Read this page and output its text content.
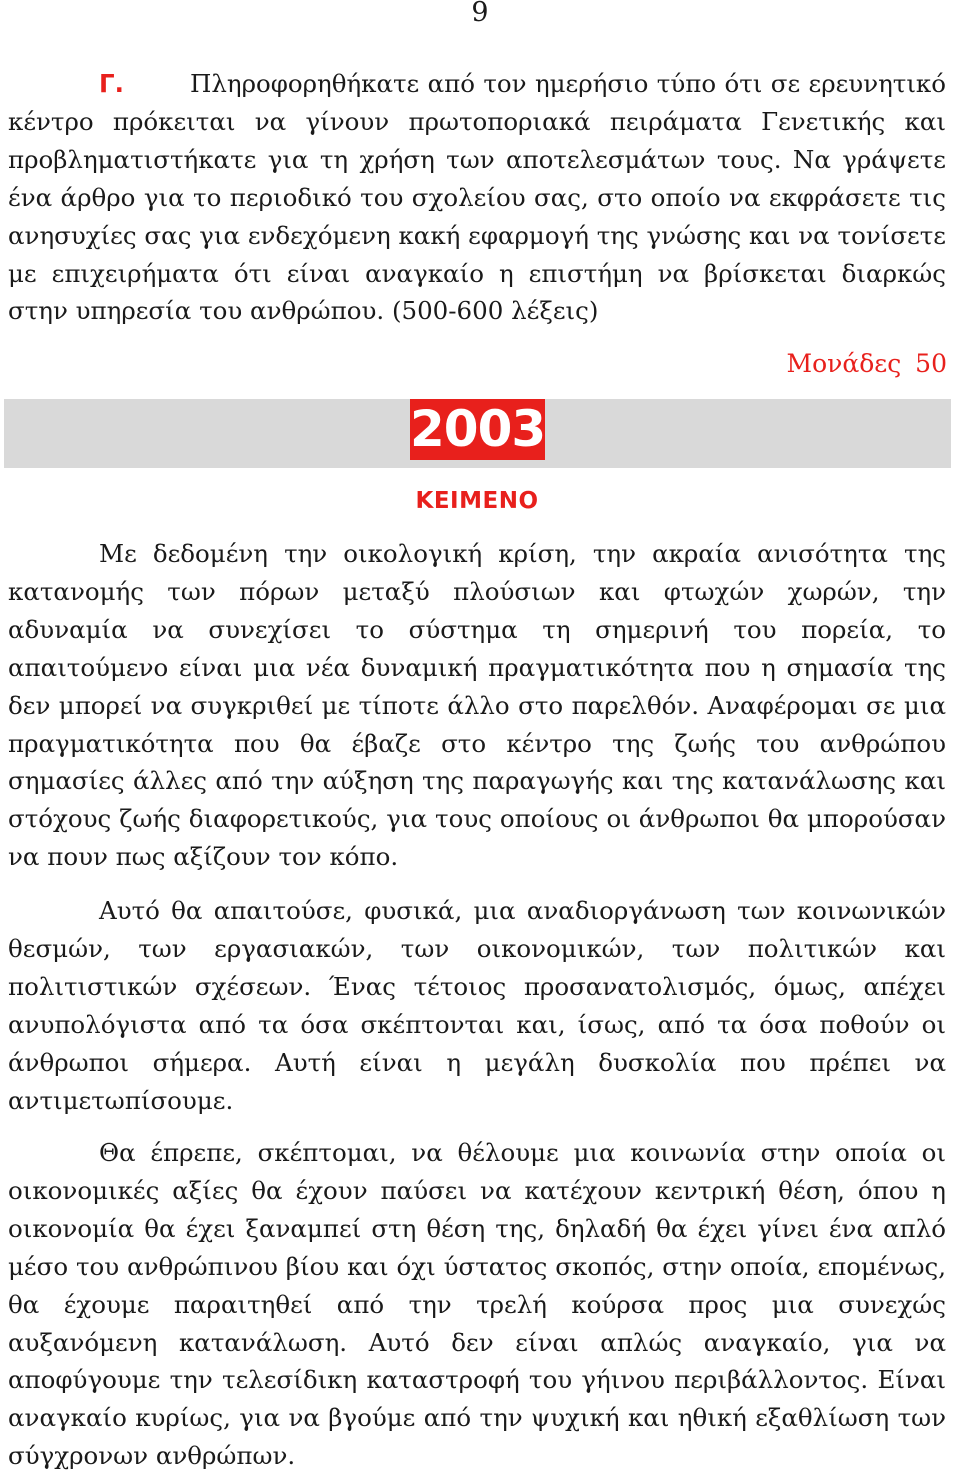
9

Γ.	Πληροφορηθήκατε από τον ημερήσιο τύπο ότι σε ερευνητικό κέντρο πρόκειται να γίνουν πρωτοποριακά πειράματα Γενετικής και προβληματιστήκατε για τη χρήση των αποτελεσμάτων τους. Να γράψετε ένα άρθρο για το περιοδικό του σχολείου σας, στο οποίο να εκφράσετε τις ανησυχίες σας για ενδεχόμενη κακή εφαρμογή της γνώσης και να τονίσετε με επιχειρήματα ότι είναι αναγκαίο η επιστήμη να βρίσκεται διαρκώς στην υπηρεσία του ανθρώπου. (500-600 λέξεις)

Μονάδες 50
2003
ΚΕΙΜΕΝΟ

Με δεδομένη την οικολογική κρίση, την ακραία ανισότητα της κατανομής των πόρων μεταξύ πλούσιων και φτωχών χωρών, την αδυναμία να συνεχίσει το σύστημα τη σημερινή του πορεία, το απαιτούμενο είναι μια νέα δυναμική πραγματικότητα που η σημασία της δεν μπορεί να συγκριθεί με τίποτε άλλο στο παρελθόν. Αναφέρομαι σε μια πραγματικότητα που θα έβαζε στο κέντρο της ζωής του ανθρώπου σημασίες άλλες από την αύξηση της παραγωγής και της κατανάλωσης και στόχους ζωής διαφορετικούς, για τους οποίους οι άνθρωποι θα μπορούσαν να πουν πως αξίζουν τον κόπο.

Αυτό θα απαιτούσε, φυσικά, μια αναδιοργάνωση των κοινωνικών θεσμών, των εργασιακών, των οικονομικών, των πολιτικών και πολιτιστικών σχέσεων. Ένας τέτοιος προσανατολισμός, όμως, απέχει ανυπολόγιστα από τα όσα σκέπτονται και, ίσως, από τα όσα ποθούν οι άνθρωποι σήμερα. Αυτή είναι η μεγάλη δυσκολία που πρέπει να αντιμετωπίσουμε.

Θα έπρεπε, σκέπτομαι, να θέλουμε μια κοινωνία στην οποία οι οικονομικές αξίες θα έχουν παύσει να κατέχουν κεντρική θέση, όπου η οικονομία θα έχει ξαναμπεί στη θέση της, δηλαδή θα έχει γίνει ένα απλό μέσο του ανθρώπινου βίου και όχι ύστατος σκοπός, στην οποία, επομένως, θα έχουμε παραιτηθεί από την τρελή κούρσα προς μια συνεχώς αυξανόμενη κατανάλωση. Αυτό δεν είναι απλώς αναγκαίο, για να αποφύγουμε την τελεσίδικη καταστροφή του γήινου περιβάλλοντος. Είναι αναγκαίο κυρίως, για να βγούμε από την ψυχική και ηθική εξαθλίωση των σύγχρονων ανθρώπων.
